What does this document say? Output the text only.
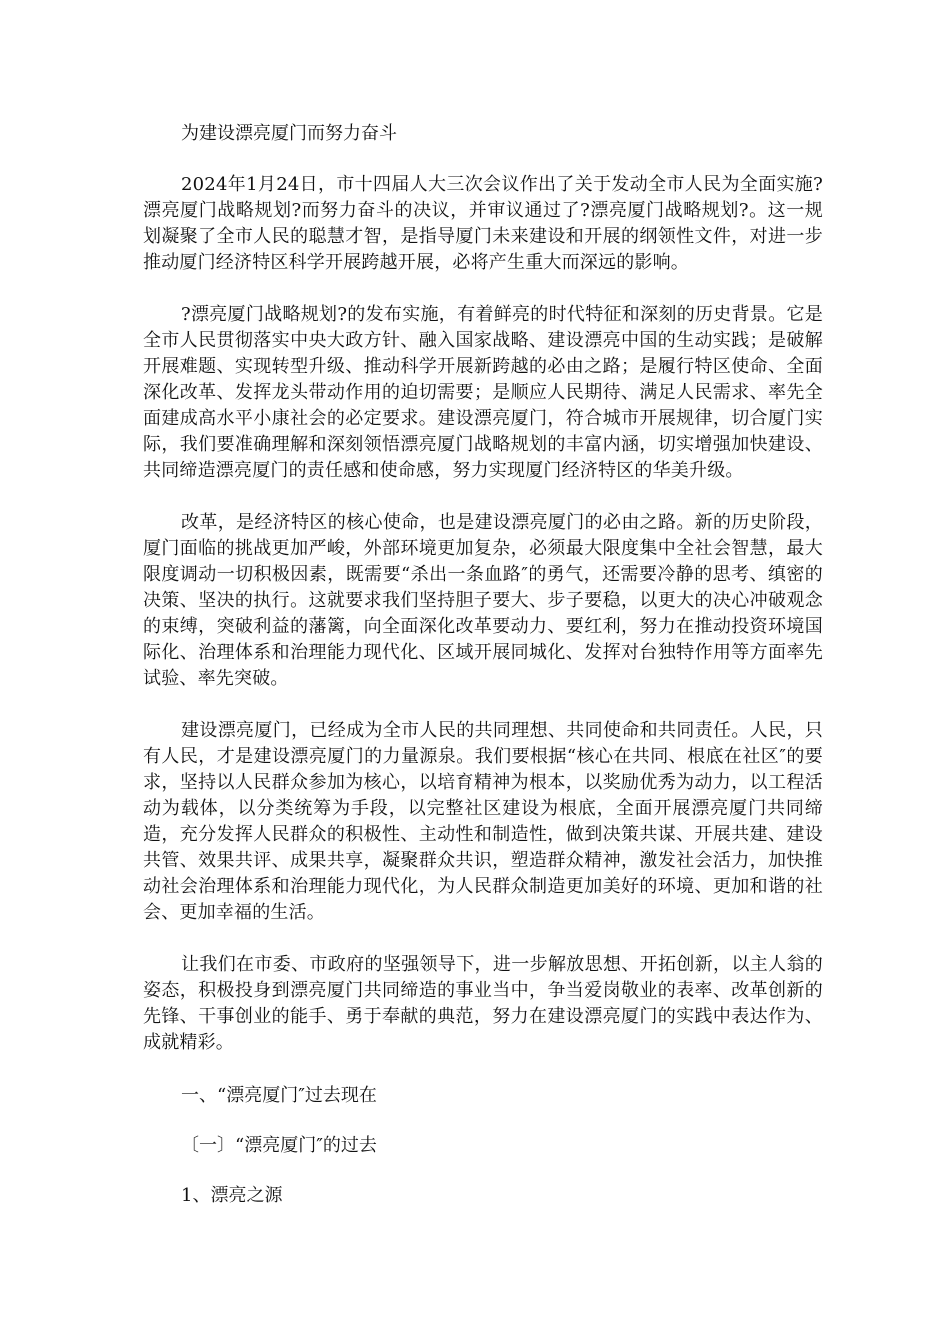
为建设漂亮厦门而努力奋斗

2024年1月24日，市十四届人大三次会议作出了关于发动全市人民为全面实施?漂亮厦门战略规划?而努力奋斗的决议，并审议通过了?漂亮厦门战略规划?。这一规划凝聚了全市人民的聪慧才智，是指导厦门未来建设和开展的纲领性文件，对进一步推动厦门经济特区科学开展跨越开展，必将产生重大而深远的影响。

?漂亮厦门战略规划?的发布实施，有着鲜亮的时代特征和深刻的历史背景。它是全市人民贯彻落实中央大政方针、融入国家战略、建设漂亮中国的生动实践；是破解开展难题、实现转型升级、推动科学开展新跨越的必由之路；是履行特区使命、全面深化改革、发挥龙头带动作用的迫切需要；是顺应人民期待、满足人民需求、率先全面建成高水平小康社会的必定要求。建设漂亮厦门，符合城市开展规律，切合厦门实际，我们要准确理解和深刻领悟漂亮厦门战略规划的丰富内涵，切实增强加快建设、共同缔造漂亮厦门的责任感和使命感，努力实现厦门经济特区的华美升级。

改革，是经济特区的核心使命，也是建设漂亮厦门的必由之路。新的历史阶段，厦门面临的挑战更加严峻，外部环境更加复杂，必须最大限度集中全社会智慧，最大限度调动一切积极因素，既需要“杀出一条血路″的勇气，还需要冷静的思考、缜密的决策、坚决的执行。这就要求我们坚持胆子要大、步子要稳，以更大的决心冲破观念的束缚，突破利益的藩篱，向全面深化改革要动力、要红利，努力在推动投资环境国际化、治理体系和治理能力现代化、区域开展同城化、发挥对台独特作用等方面率先试验、率先突破。

建设漂亮厦门，已经成为全市人民的共同理想、共同使命和共同责任。人民，只有人民，才是建设漂亮厦门的力量源泉。我们要根据“核心在共同、根底在社区″的要求，坚持以人民群众参加为核心，以培育精神为根本，以奖励优秀为动力，以工程活动为载体，以分类统筹为手段，以完整社区建设为根底，全面开展漂亮厦门共同缔造，充分发挥人民群众的积极性、主动性和制造性，做到决策共谋、开展共建、建设共管、效果共评、成果共享，凝聚群众共识，塑造群众精神，激发社会活力，加快推动社会治理体系和治理能力现代化，为人民群众制造更加美好的环境、更加和谐的社会、更加幸福的生活。

让我们在市委、市政府的坚强领导下，进一步解放思想、开拓创新，以主人翁的姿态，积极投身到漂亮厦门共同缔造的事业当中，争当爱岗敬业的表率、改革创新的先锋、干事创业的能手、勇于奉献的典范，努力在建设漂亮厦门的实践中表达作为、成就精彩。

一、“漂亮厦门″过去现在
〔一〕“漂亮厦门″的过去
1、漂亮之源
